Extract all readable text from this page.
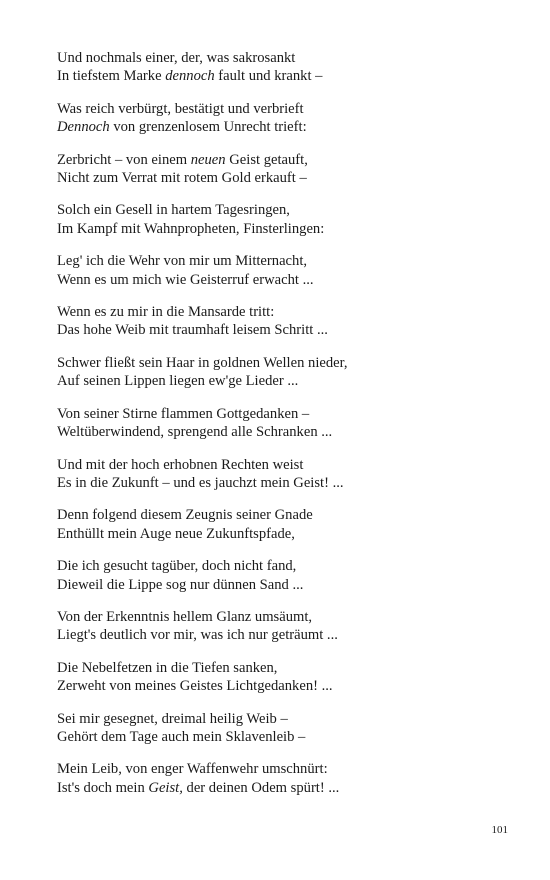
Und nochmals einer, der, was sakrosankt
In tiefstem Marke dennoch fault und krankt –
Was reich verbürgt, bestätigt und verbrieft
Dennoch von grenzenlosem Unrecht trieft:
Zerbricht – von einem neuen Geist getauft,
Nicht zum Verrat mit rotem Gold erkauft –
Solch ein Gesell in hartem Tagesringen,
Im Kampf mit Wahnpropheten, Finsterlingen:
Leg' ich die Wehr von mir um Mitternacht,
Wenn es um mich wie Geisterruf erwacht ...
Wenn es zu mir in die Mansarde tritt:
Das hohe Weib mit traumhaft leisem Schritt ...
Schwer fließt sein Haar in goldnen Wellen nieder,
Auf seinen Lippen liegen ew'ge Lieder ...
Von seiner Stirne flammen Gottgedanken –
Weltüberwindend, sprengend alle Schranken ...
Und mit der hoch erhobnen Rechten weist
Es in die Zukunft – und es jauchzt mein Geist! ...
Denn folgend diesem Zeugnis seiner Gnade
Enthüllt mein Auge neue Zukunftspfade,
Die ich gesucht tagüber, doch nicht fand,
Dieweil die Lippe sog nur dünnen Sand ...
Von der Erkenntnis hellem Glanz umsäumt,
Liegt's deutlich vor mir, was ich nur geträumt ...
Die Nebelfetzen in die Tiefen sanken,
Zerweht von meines Geistes Lichtgedanken! ...
Sei mir gesegnet, dreimal heilig Weib –
Gehört dem Tage auch mein Sklavenleib –
Mein Leib, von enger Waffenwehr umschnürt:
Ist's doch mein Geist, der deinen Odem spürt! ...
101
